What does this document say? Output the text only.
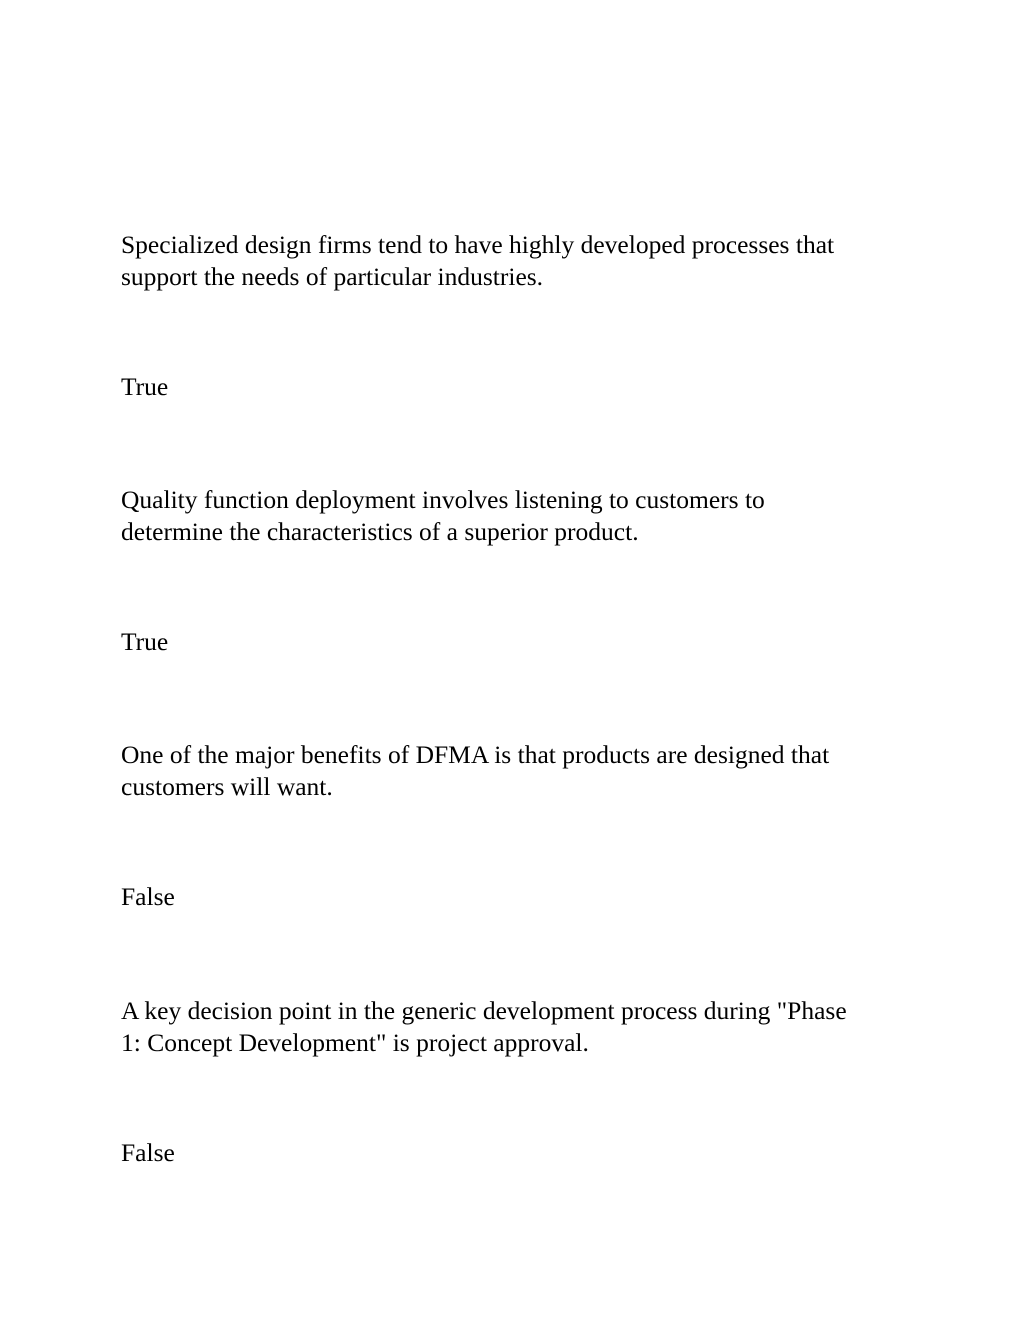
Specialized design firms tend to have highly developed processes that
support the needs of particular industries.

True

Quality function deployment involves listening to customers to
determine the characteristics of a superior product.

True

One of the major benefits of DFMA is that products are designed that
customers will want.

False

A key decision point in the generic development process during "Phase
1: Concept Development" is project approval.

False
